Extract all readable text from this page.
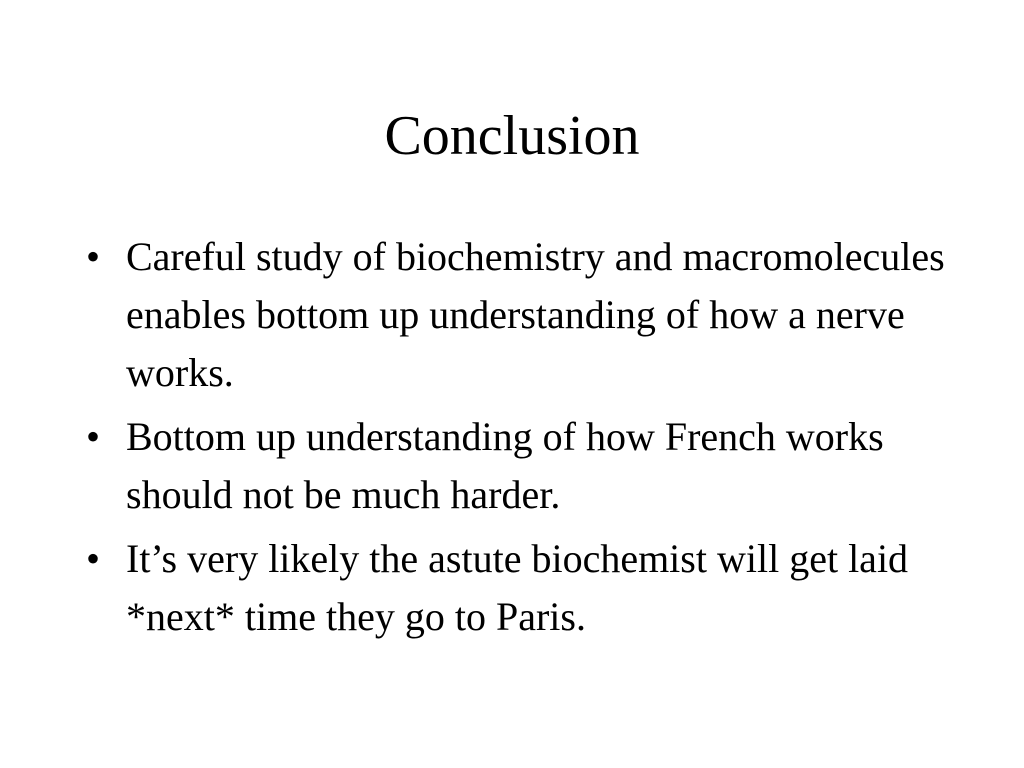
Conclusion
• Careful study of biochemistry and macromolecules enables bottom up understanding of how a nerve works.
• Bottom up understanding of how French works should not be much harder.
• It’s very likely the astute biochemist will get laid *next* time they go to Paris.
